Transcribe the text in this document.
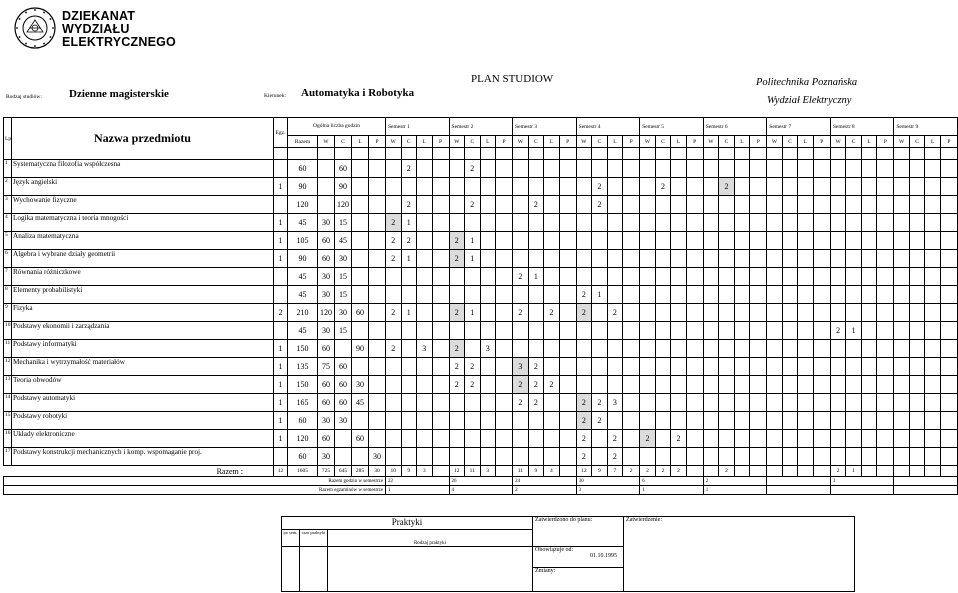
DZIEKANAT
WYDZIAŁU
ELEKTRYCZNEGO
PLAN STUDIOW	Politechnika Poznańska
Wydział Elektryczny
Rodzaj studiów: Dzienne magisterskie	Kierunek: Automatyka i Robotyka
Lp	Nazwa przedmiotu	Egz.	Ogólna liczba godzin					Semestr 1				Semestr 2				Semestr 3				Semestr 4				Semestr 5				Semestr 6				Semestr 7				Semestr 8				Semestr 9			
			Razem	W	C	L	P	W	C	L	P	W	C	L	P	W	C	L	P	W	C	L	P	W	C	L	P	W	C	L	P	W	C	L	P	W	C	L	P	W	C	L	P

1	Systematyczna filozofia współczesna		60		60				2				2																														
2	Język angielski	1	90		90																2				2				2														
3	Wychowanie fizyczne		120		120				2				2				2				2																						
4	Logika matematyczna i teoria mnogości	1	45	30	15			2	1																																		
5	Analiza matematyczna	1	105	60	45			2	2			2	1																														
6	Algebra i wybrane działy geometrii	1	90	60	30			2	1			2	1																														
7	Równania różniczkowe		45	30	15											2	1																										
8	Elementy probabilistyki		45	30	15															2	1																						
9	Fizyka	2	210	120	30	60		2	1			2	1			2		2		2		2																					
10	Podstawy ekonomii i zarządzania		45	30	15																															2	1						
11	Podstawy informatyki	1	150	60		90		2		3		2		3																													
12	Mechanika i wytrzymałość materiałów	1	135	75	60							2	2			3	2																										
13	Teoria obwodów	1	150	60	60	30						2	2			2	2	2																									
14	Podstawy automatyki	1	165	60	60	45										2	2			2	2	3																					
15	Podstawy robotyki	1	60	30	30															2	2																						
16	Układy elektroniczne	1	120	60		60														2		2		2		2																	
17	Podstawy konstrukcji mechanicznych i komp. wspomaganie proj.		60	30			30													2		2																					
Razem :		12	1605	725	645	285	30	10	9	3		12	11	3		11	9	4		12	9	7	2	2	2	2			2							2	1						
Razem godzin w semestrze								22				26				24				30				6				2								3							
Razem egzaminów w semestrze								1				4				2				3				1				1															
Praktyki			Zatwierdzono do planu:	Zatwierdzenie:
po sem.	czas praktyki	Rodzaj praktyki		

			Obowiązuje od:
01.10.1995	

			Zmiany:	
